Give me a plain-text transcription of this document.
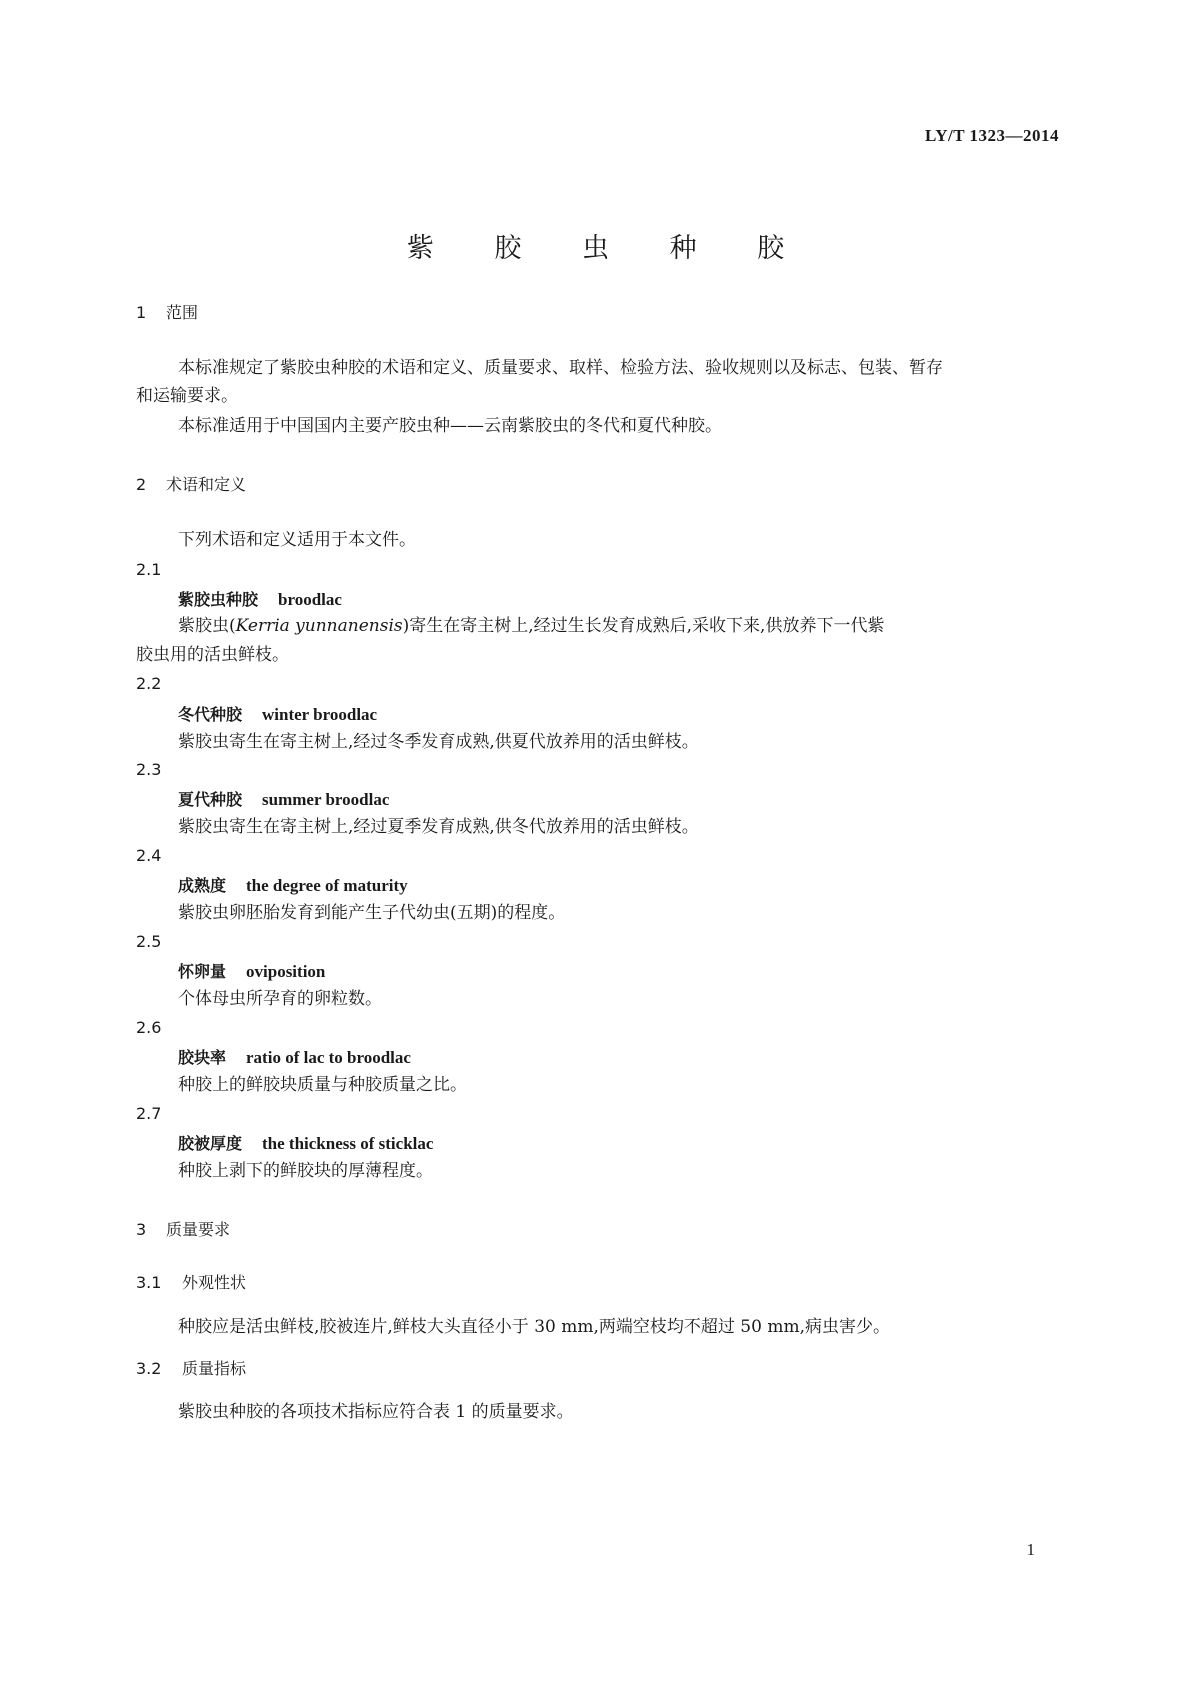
LY/T 1323—2014
紫 胶 虫 种 胶
1 范围
本标准规定了紫胶虫种胶的术语和定义、质量要求、取样、检验方法、验收规则以及标志、包装、暂存
和运输要求。
本标准适用于中国国内主要产胶虫种——云南紫胶虫的冬代和夏代种胶。
2 术语和定义
下列术语和定义适用于本文件。
2.1
紫胶虫种胶 broodlac
紫胶虫(Kerria yunnanensis)寄生在寄主树上,经过生长发育成熟后,采收下来,供放养下一代紫
胶虫用的活虫鲜枝。
2.2
冬代种胶 winter broodlac
紫胶虫寄生在寄主树上,经过冬季发育成熟,供夏代放养用的活虫鲜枝。
2.3
夏代种胶 summer broodlac
紫胶虫寄生在寄主树上,经过夏季发育成熟,供冬代放养用的活虫鲜枝。
2.4
成熟度 the degree of maturity
紫胶虫卵胚胎发育到能产生子代幼虫(五期)的程度。
2.5
怀卵量 oviposition
个体母虫所孕育的卵粒数。
2.6
胶块率 ratio of lac to broodlac
种胶上的鲜胶块质量与种胶质量之比。
2.7
胶被厚度 the thickness of sticklac
种胶上剥下的鲜胶块的厚薄程度。
3 质量要求
3.1 外观性状
种胶应是活虫鲜枝,胶被连片,鲜枝大头直径小于 30 mm,两端空枝均不超过 50 mm,病虫害少。
3.2 质量指标
紫胶虫种胶的各项技术指标应符合表 1 的质量要求。
1
